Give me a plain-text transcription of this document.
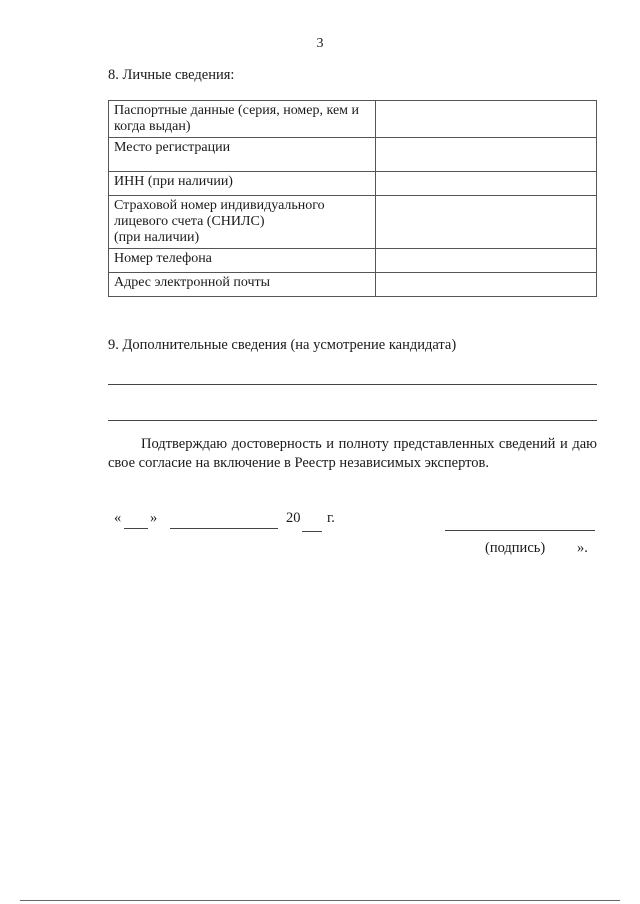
3
8. Личные сведения:
Паспортные данные (серия, номер, кем и когда выдан)	
Место регистрации	
ИНН (при наличии)	

Страховой номер индивидуального лицевого счета (СНИЛС)
(при наличии)	

Номер телефона	
Адрес электронной почты	
9. Дополнительные сведения (на усмотрение кандидата)
Подтверждаю достоверность и полноту представленных сведений и даю свое согласие на включение в Реестр независимых экспертов.
« »	20 г.
(подпись) ».
